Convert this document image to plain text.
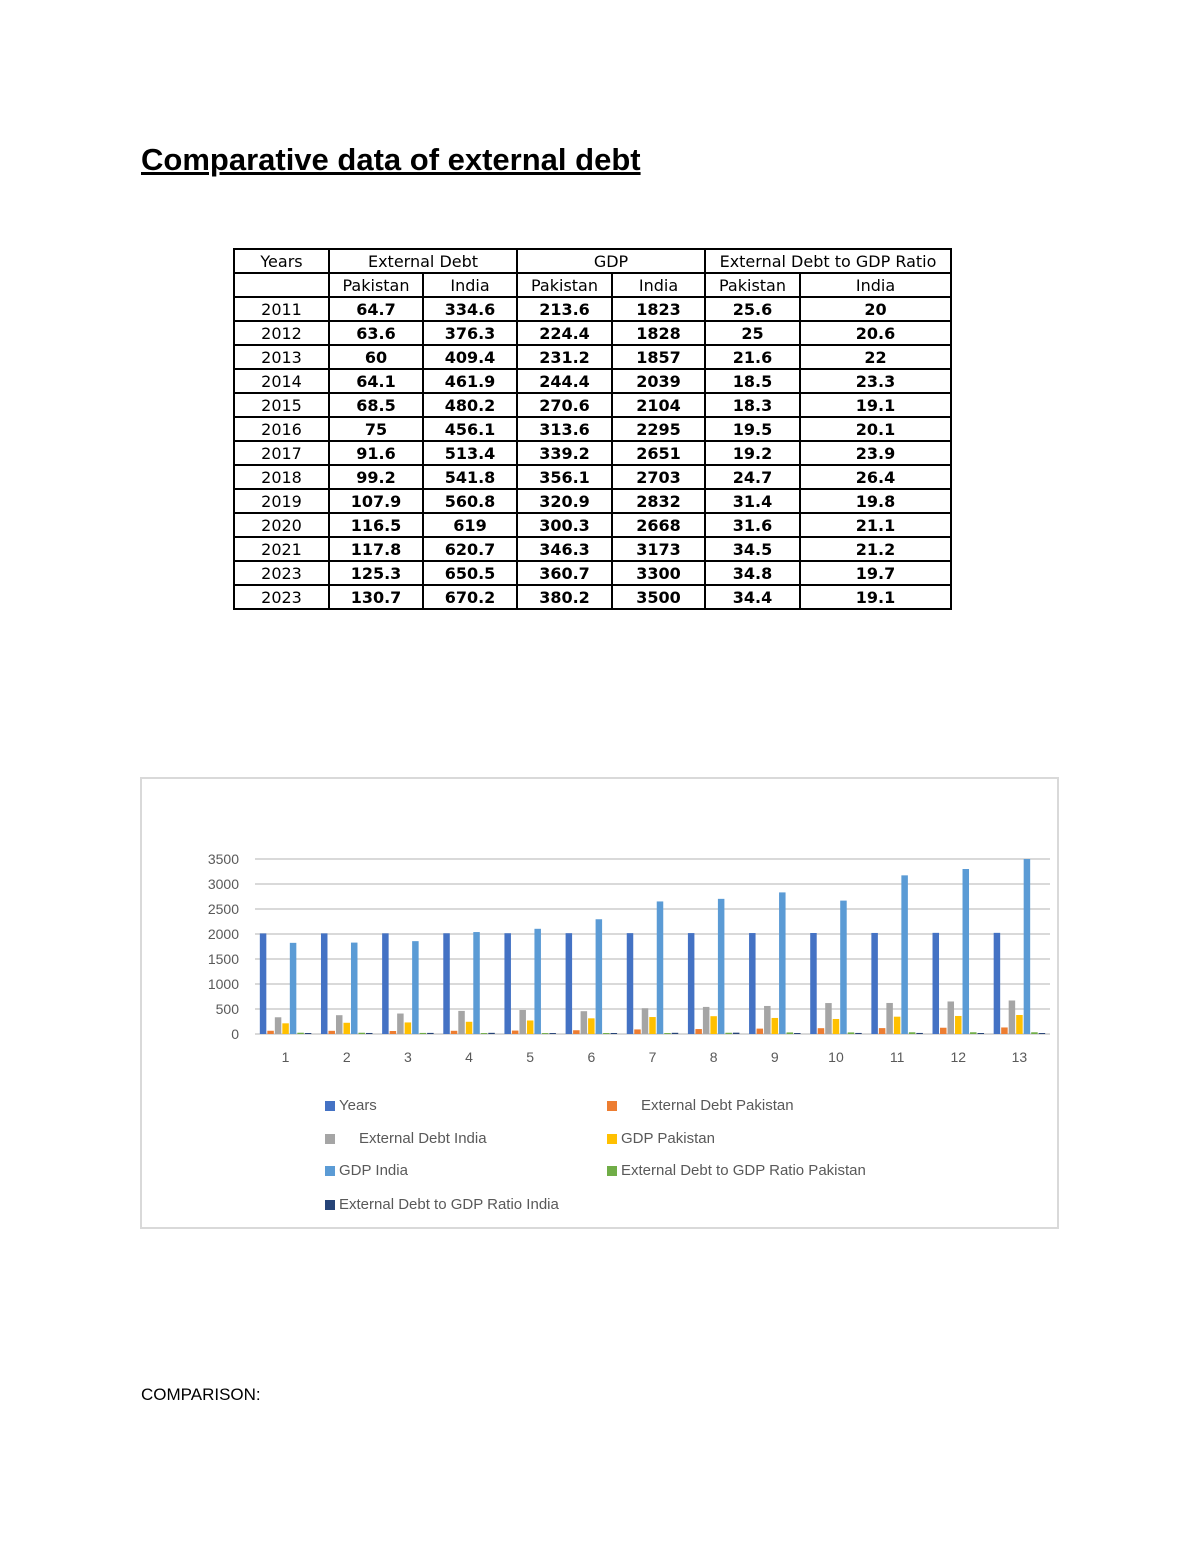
Comparative data of external debt
Years	External Debt		GDP		External Debt to GDP Ratio	
	Pakistan	India	Pakistan	India	Pakistan	India
2011	64.7	334.6	213.6	1823	25.6	20
2012	63.6	376.3	224.4	1828	25	20.6
2013	60	409.4	231.2	1857	21.6	22
2014	64.1	461.9	244.4	2039	18.5	23.3
2015	68.5	480.2	270.6	2104	18.3	19.1
2016	75	456.1	313.6	2295	19.5	20.1
2017	91.6	513.4	339.2	2651	19.2	23.9
2018	99.2	541.8	356.1	2703	24.7	26.4
2019	107.9	560.8	320.9	2832	31.4	19.8
2020	116.5	619	300.3	2668	31.6	21.1
2021	117.8	620.7	346.3	3173	34.5	21.2
2023	125.3	650.5	360.7	3300	34.8	19.7
2023	130.7	670.2	380.2	3500	34.4	19.1
0
500
1000
1500
2000
2500
3000
3500
1	2	3	4	5	6	7	8	9	10	11	12	13
Years	External Debt Pakistan
External Debt India	GDP Pakistan
GDP India	External Debt to GDP Ratio Pakistan
External Debt to GDP Ratio India

COMPARISON:
